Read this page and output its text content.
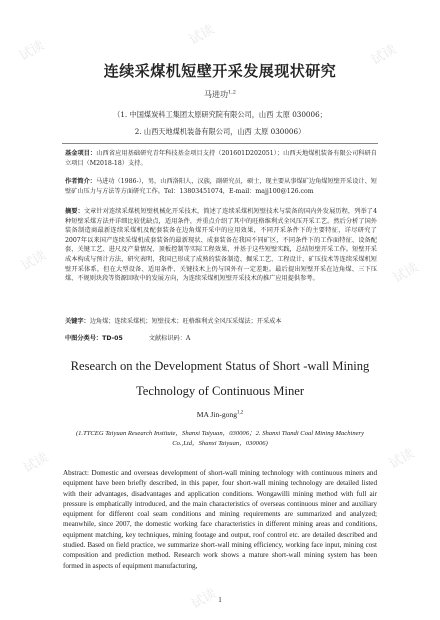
试读
试读
试读
试读	试读
试读	试读
试读
连续采煤机短壁开采发展现状研究
马进功$^{1,2}$
（1. 中国煤炭科工集团太原研究院有限公司，山西 太原 030006；
2. 山西天地煤机装备有限公司，山西 太原 030006）
基金项目：山西省应用基础研究青年科技基金项目支持（201601D202051）；山西天地煤机装备有限公司科研自立项目（M2018-18）支持。
作者简介：马进功（1986-），男，山西洛阳人，汉族，副研究员，硕士，现主要从事煤矿边角煤短壁开采设计、短壁矿山压力与方法等方面研究工作。Tel：13803451074，E-mail：majj100@126.com
摘要：文章针对连续采煤机短壁机械化开采技术，简述了连续采煤机短壁技术与装备的国内外发展历程，列举了4种短壁采煤方法并详细比较优缺点，适用条件，并重点介绍了其中的旺格维利式全风压开采工艺。然后分析了国外装备制造商最新连续采煤机及配套装备在边角煤开采中的应用效果，不同开采条件下的主要特征，详尽研究了2007年以来国产连续采煤机成套装备的最新现状、成套装备在我国不同矿区，不同条件下的工作面特征、设备配套、关键工艺、进尺及产量情况、顶板控制等实际工程效果，并基于这些短壁实践，总结短壁开采工作。短壁开采成本构成与预计方法，研究表明，我国已形成了成熟的装备制造、掘采工艺、工程设计、矿压技术等连续采煤机短壁开采体系，但在大型设备、适用条件、关键技术上仍与国外有一定差距。最后提出短壁开采在边角煤、三下压煤、不规则块段等资源回收中的发展方向，为连续采煤机短壁开采技术的推广应用提供参考。
关键字：边角煤；连续采煤机；短壁技术；旺格维利式全风压采煤法；开采成本
中图分类号：TD-05	文献标识码：A
Research on the Development Status of Short -wall Mining Technology of Continuous Miner
MA Jin-gong$^{1,2}$
(1.TTCEG Taiyuan Research Institute，Shanxi Taiyuan，030006；2. Shanxi Tiandi Coal Mining Machinery Co.,Ltd，Shanxi Taiyuan，030006)
Abstract: Domestic and overseas development of short-wall mining technology with continuous miners and equipment have been briefly described, in this paper, four short-wall mining technology are detailed listed with their advantages, disadvantages and application conditions. Wongawilli mining method with full air pressure is emphatically introduced, and the main characteristics of overseas continuous miner and auxiliary equipment for different coal seam conditions and mining requirements are summarized and analyzed; meanwhile, since 2007, the domestic working face characteristics in different mining areas and conditions, equipment matching, key techniques, mining footage and output, roof control etc. are detailed described and studied. Based on field practice, we summarize short-wall mining efficiency, working face input, mining cost composition and prediction method. Research work shows a mature short-wall mining system has been formed in aspects of equipment manufacturing,
1
